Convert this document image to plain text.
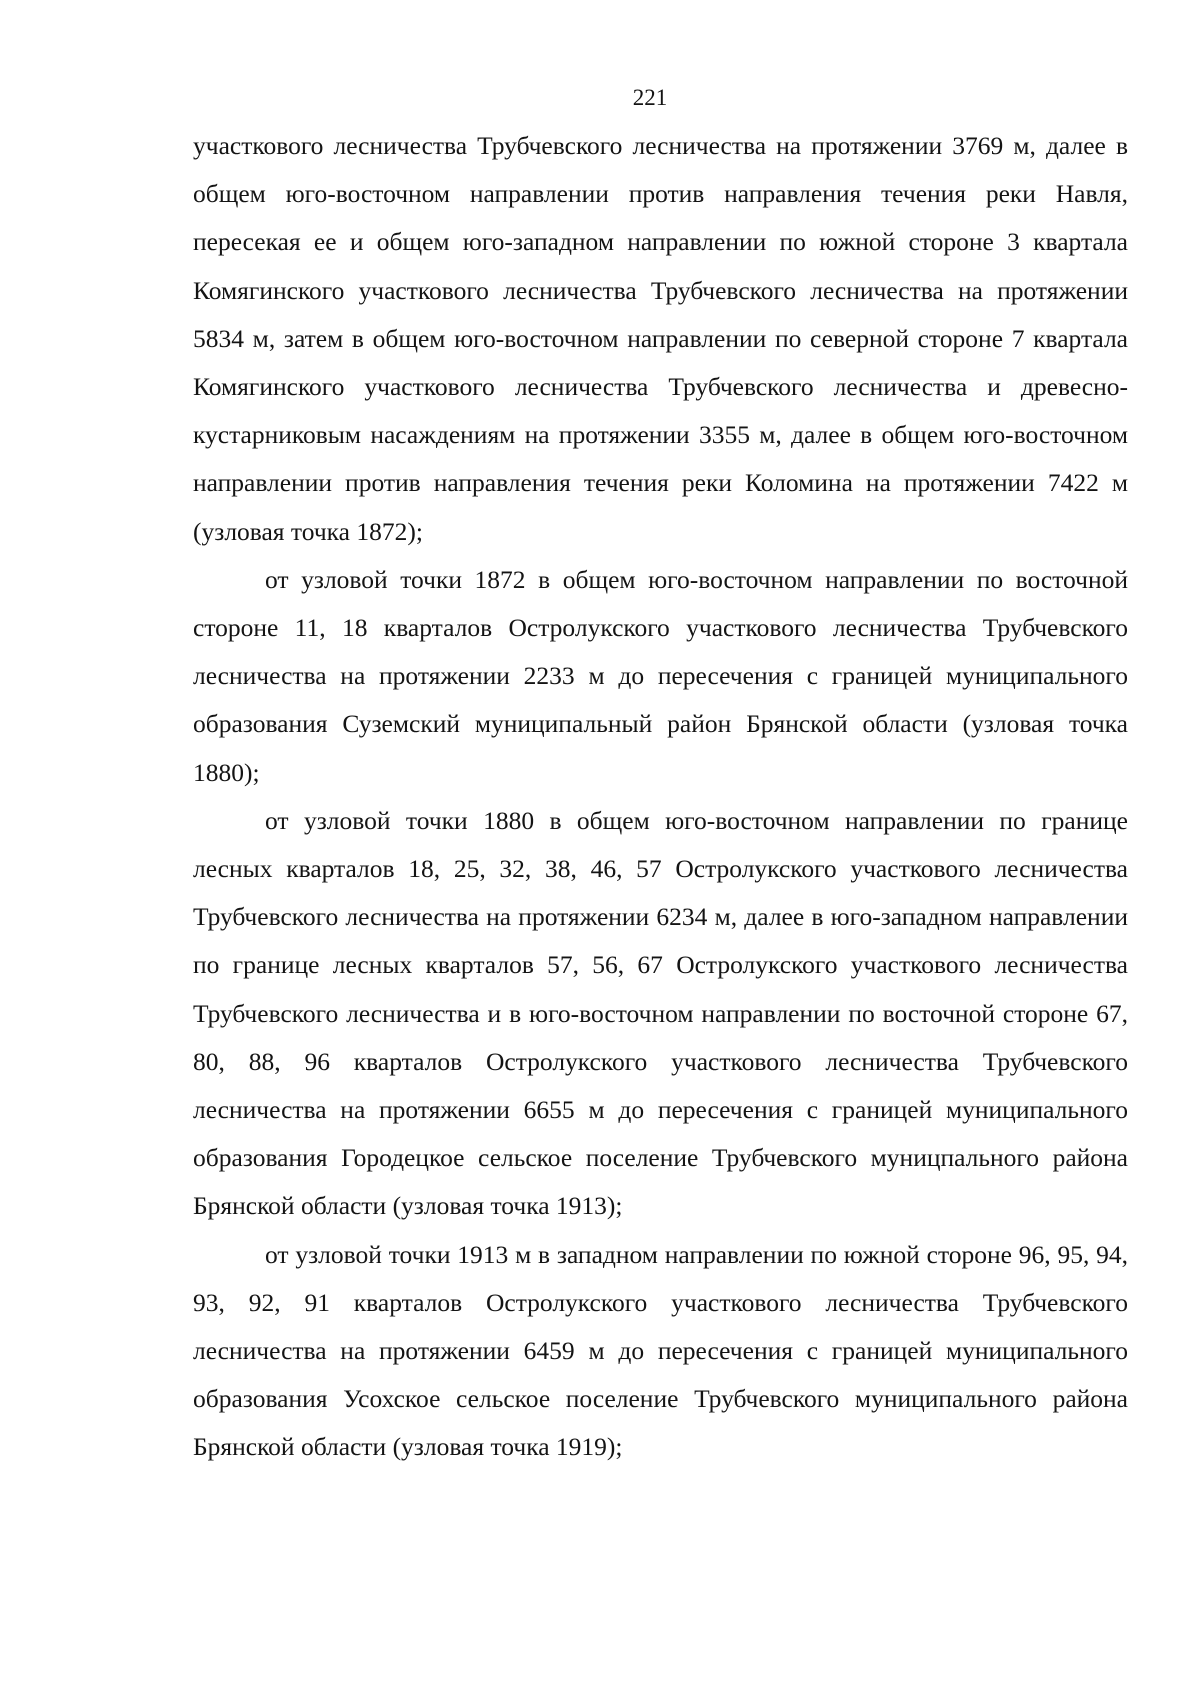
221

участкового лесничества Трубчевского лесничества на протяжении 3769 м, далее в общем юго-восточном направлении против направления течения реки Навля, пересекая ее и общем юго-западном направлении по южной стороне 3 квартала Комягинского участкового лесничества Трубчевского лесничества на протяжении 5834 м, затем в общем юго-восточном направлении по северной стороне 7 квартала Комягинского участкового лесничества Трубчевского лесничества и древесно-кустарниковым насаждениям на протяжении 3355 м, далее в общем юго-восточном направлении против направления течения реки Коломина на протяжении 7422 м (узловая точка 1872);

от узловой точки 1872 в общем юго-восточном направлении по восточной стороне 11, 18 кварталов Остролукского участкового лесничества Трубчевского лесничества на протяжении 2233 м до пересечения с границей муниципального образования Суземский муниципальный район Брянской области (узловая точка 1880);

от узловой точки 1880 в общем юго-восточном направлении по границе лесных кварталов 18, 25, 32, 38, 46, 57 Остролукского участкового лесничества Трубчевского лесничества на протяжении 6234 м, далее в юго-западном направлении по границе лесных кварталов 57, 56, 67 Остролукского участкового лесничества Трубчевского лесничества и в юго-восточном направлении по восточной стороне 67, 80, 88, 96 кварталов Остролукского участкового лесничества Трубчевского лесничества на протяжении 6655 м до пересечения с границей муниципального образования Городецкое сельское поселение Трубчевского муницпального района Брянской области (узловая точка 1913);

от узловой точки 1913 м в западном направлении по южной стороне 96, 95, 94, 93, 92, 91 кварталов Остролукского участкового лесничества Трубчевского лесничества на протяжении 6459 м до пересечения с границей муниципального образования Усохское сельское поселение Трубчевского муниципального района Брянской области (узловая точка 1919);
